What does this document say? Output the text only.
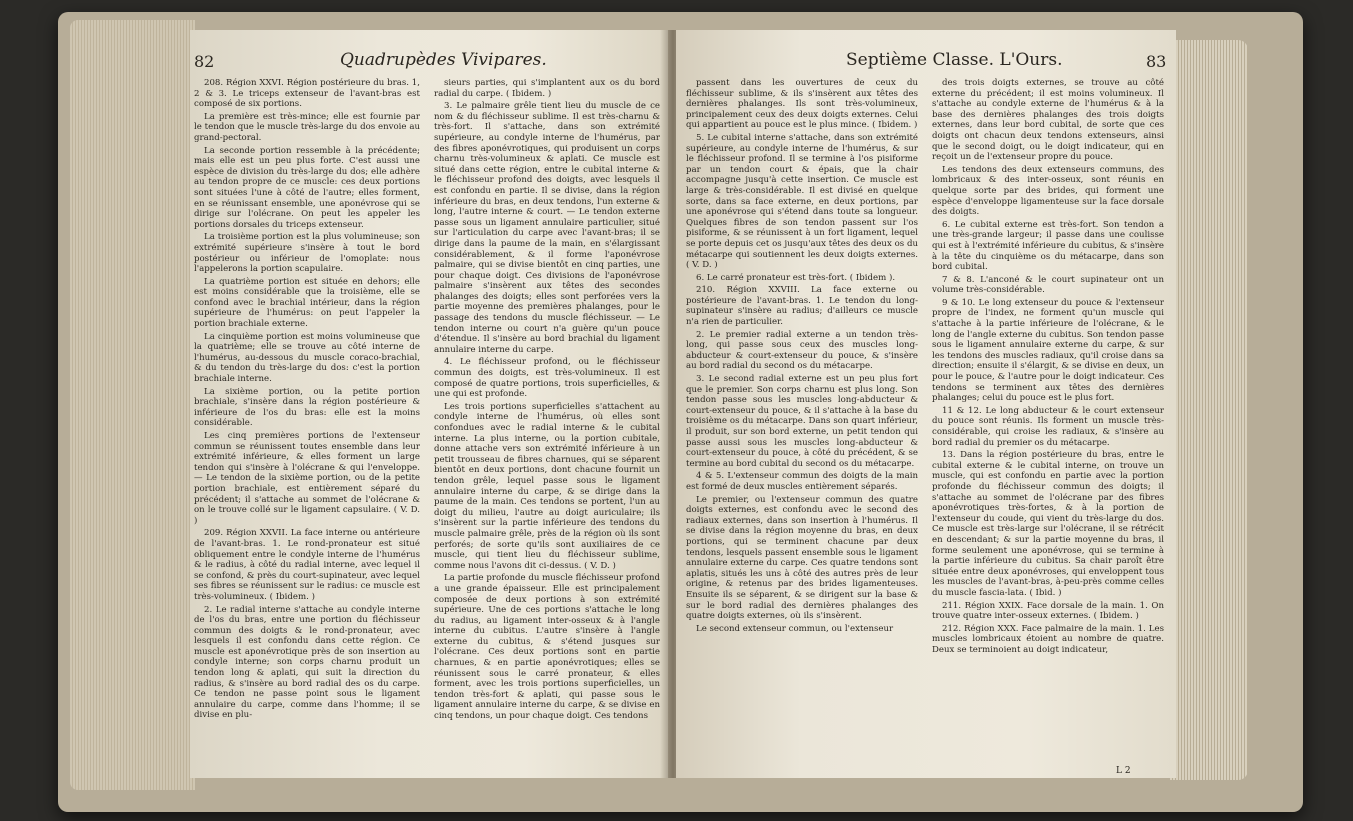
82	Quadrupèdes Vivipares.

208. Région XXVI. Région postérieure du bras. 1, 2 & 3. Le triceps extenseur de l'avant-bras est composé de six portions.

La première est très-mince; elle est fournie par le tendon que le muscle très-large du dos envoie au grand-pectoral.

La seconde portion ressemble à la précédente; mais elle est un peu plus forte. C'est aussi une espèce de division du très-large du dos; elle adhère au tendon propre de ce muscle: ces deux portions sont situées l'une à côté de l'autre; elles forment, en se réunissant ensemble, une aponévrose qui se dirige sur l'olécrane. On peut les appeler les portions dorsales du triceps extenseur.

La troisième portion est la plus volumineuse; son extrémité supérieure s'insère à tout le bord postérieur ou inférieur de l'omoplate: nous l'appelerons la portion scapulaire.

La quatrième portion est située en dehors; elle est moins considérable que la troisième, elle se confond avec le brachial intérieur, dans la région supérieure de l'humérus: on peut l'appeler la portion brachiale externe.

La cinquième portion est moins volumineuse que la quatrième; elle se trouve au côté interne de l'humérus, au-dessous du muscle coraco-brachial, & du tendon du très-large du dos: c'est la portion brachiale interne.

La sixième portion, ou la petite portion brachiale, s'insère dans la région postérieure & inférieure de l'os du bras: elle est la moins considérable.

Les cinq premières portions de l'extenseur commun se réunissent toutes ensemble dans leur extrémité inférieure, & elles forment un large tendon qui s'insère à l'olécrane & qui l'enveloppe. — Le tendon de la sixième portion, ou de la petite portion brachiale, est entièrement séparé du précédent; il s'attache au sommet de l'olécrane & on le trouve collé sur le ligament capsulaire. ( V. D. )

209. Région XXVII. La face interne ou antérieure de l'avant-bras. 1. Le rond-pronateur est situé obliquement entre le condyle interne de l'humérus & le radius, à côté du radial interne, avec lequel il se confond, & près du court-supinateur, avec lequel ses fibres se réunissent sur le radius: ce muscle est très-volumineux. ( Ibidem. )

2. Le radial interne s'attache au condyle interne de l'os du bras, entre une portion du fléchisseur commun des doigts & le rond-pronateur, avec lesquels il est confondu dans cette région. Ce muscle est aponévrotique près de son insertion au condyle interne; son corps charnu produit un tendon long & aplati, qui suit la direction du radius, & s'insère au bord radial des os du carpe. Ce tendon ne passe point sous le ligament annulaire du carpe, comme dans l'homme; il se divise en plu-

sieurs parties, qui s'implantent aux os du bord radial du carpe. ( Ibidem. )

3. Le palmaire grêle tient lieu du muscle de ce nom & du fléchisseur sublime. Il est très-charnu & très-fort. Il s'attache, dans son extrémité supérieure, au condyle interne de l'humérus, par des fibres aponévrotiques, qui produisent un corps charnu très-volumineux & aplati. Ce muscle est situé dans cette région, entre le cubital interne & le fléchisseur profond des doigts, avec lesquels il est confondu en partie. Il se divise, dans la région inférieure du bras, en deux tendons, l'un externe & long, l'autre interne & court. — Le tendon externe passe sous un ligament annulaire particulier, situé sur l'articulation du carpe avec l'avant-bras; il se dirige dans la paume de la main, en s'élargissant considérablement, & il forme l'aponévrose palmaire, qui se divise bientôt en cinq parties, une pour chaque doigt. Ces divisions de l'aponévrose palmaire s'insèrent aux têtes des secondes phalanges des doigts; elles sont perforées vers la partie moyenne des premières phalanges, pour le passage des tendons du muscle fléchisseur. — Le tendon interne ou court n'a guère qu'un pouce d'étendue. Il s'insère au bord brachial du ligament annulaire interne du carpe.

4. Le fléchisseur profond, ou le fléchisseur commun des doigts, est très-volumineux. Il est composé de quatre portions, trois superficielles, & une qui est profonde.

Les trois portions superficielles s'attachent au condyle interne de l'humérus, où elles sont confondues avec le radial interne & le cubital interne. La plus interne, ou la portion cubitale, donne attache vers son extrémité inférieure à un petit trousseau de fibres charnues, qui se séparent bientôt en deux portions, dont chacune fournit un tendon grêle, lequel passe sous le ligament annulaire interne du carpe, & se dirige dans la paume de la main. Ces tendons se portent, l'un au doigt du milieu, l'autre au doigt auriculaire; ils s'insèrent sur la partie inférieure des tendons du muscle palmaire grêle, près de la région où ils sont perforés; de sorte qu'ils sont auxiliaires de ce muscle, qui tient lieu du fléchisseur sublime, comme nous l'avons dit ci-dessus. ( V. D. )

La partie profonde du muscle fléchisseur profond a une grande épaisseur. Elle est principalement composée de deux portions à son extrémité supérieure. Une de ces portions s'attache le long du radius, au ligament inter-osseux & à l'angle interne du cubitus. L'autre s'insère à l'angle externe du cubitus, & s'étend jusques sur l'olécrane. Ces deux portions sont en partie charnues, & en partie aponévrotiques; elles se réunissent sous le carré pronateur, & elles forment, avec les trois portions superficielles, un tendon très-fort & aplati, qui passe sous le ligament annulaire interne du carpe, & se divise en cinq tendons, un pour chaque doigt. Ces tendons

Septième Classe. L'Ours.	83

passent dans les ouvertures de ceux du fléchisseur sublime, & ils s'insèrent aux têtes des dernières phalanges. Ils sont très-volumineux, principalement ceux des deux doigts externes. Celui qui appartient au pouce est le plus mince. ( Ibidem. )

5. Le cubital interne s'attache, dans son extrémité supérieure, au condyle interne de l'humérus, & sur le fléchisseur profond. Il se termine à l'os pisiforme par un tendon court & épais, que la chair accompagne jusqu'à cette insertion. Ce muscle est large & très-considérable. Il est divisé en quelque sorte, dans sa face externe, en deux portions, par une aponévrose qui s'étend dans toute sa longueur. Quelques fibres de son tendon passent sur l'os pisiforme, & se réunissent à un fort ligament, lequel se porte depuis cet os jusqu'aux têtes des deux os du métacarpe qui soutiennent les deux doigts externes. ( V. D. )

6. Le carré pronateur est très-fort. ( Ibidem ).

210. Région XXVIII. La face externe ou postérieure de l'avant-bras. 1. Le tendon du long-supinateur s'insère au radius; d'ailleurs ce muscle n'a rien de particulier.

2. Le premier radial externe a un tendon très-long, qui passe sous ceux des muscles long-abducteur & court-extenseur du pouce, & s'insère au bord radial du second os du métacarpe.

3. Le second radial externe est un peu plus fort que le premier. Son corps charnu est plus long. Son tendon passe sous les muscles long-abducteur & court-extenseur du pouce, & il s'attache à la base du troisième os du métacarpe. Dans son quart inférieur, il produit, sur son bord externe, un petit tendon qui passe aussi sous les muscles long-abducteur & court-extenseur du pouce, à côté du précédent, & se termine au bord cubital du second os du métacarpe.

4 & 5. L'extenseur commun des doigts de la main est formé de deux muscles entièrement séparés.

Le premier, ou l'extenseur commun des quatre doigts externes, est confondu avec le second des radiaux externes, dans son insertion à l'humérus. Il se divise dans la région moyenne du bras, en deux portions, qui se terminent chacune par deux tendons, lesquels passent ensemble sous le ligament annulaire externe du carpe. Ces quatre tendons sont aplatis, situés les uns à côté des autres près de leur origine, & retenus par des brides ligamenteuses. Ensuite ils se séparent, & se dirigent sur la base & sur le bord radial des dernières phalanges des quatre doigts externes, où ils s'insèrent.

Le second extenseur commun, ou l'extenseur

des trois doigts externes, se trouve au côté externe du précédent; il est moins volumineux. Il s'attache au condyle externe de l'humérus & à la base des dernières phalanges des trois doigts externes, dans leur bord cubital, de sorte que ces doigts ont chacun deux tendons extenseurs, ainsi que le second doigt, ou le doigt indicateur, qui en reçoit un de l'extenseur propre du pouce.

Les tendons des deux extenseurs communs, des lombricaux & des inter-osseux, sont réunis en quelque sorte par des brides, qui forment une espèce d'enveloppe ligamenteuse sur la face dorsale des doigts.

6. Le cubital externe est très-fort. Son tendon a une très-grande largeur; il passe dans une coulisse qui est à l'extrémité inférieure du cubitus, & s'insère à la tête du cinquième os du métacarpe, dans son bord cubital.

7 & 8. L'anconé & le court supinateur ont un volume très-considérable.

9 & 10. Le long extenseur du pouce & l'extenseur propre de l'index, ne forment qu'un muscle qui s'attache à la partie inférieure de l'olécrane, & le long de l'angle externe du cubitus. Son tendon passe sous le ligament annulaire externe du carpe, & sur les tendons des muscles radiaux, qu'il croise dans sa direction; ensuite il s'élargit, & se divise en deux, un pour le pouce, & l'autre pour le doigt indicateur. Ces tendons se terminent aux têtes des dernières phalanges; celui du pouce est le plus fort.

11 & 12. Le long abducteur & le court extenseur du pouce sont réunis. Ils forment un muscle très-considérable, qui croise les radiaux, & s'insère au bord radial du premier os du métacarpe.

13. Dans la région postérieure du bras, entre le cubital externe & le cubital interne, on trouve un muscle, qui est confondu en partie avec la portion profonde du fléchisseur commun des doigts; il s'attache au sommet de l'olécrane par des fibres aponévrotiques très-fortes, & à la portion de l'extenseur du coude, qui vient du très-large du dos. Ce muscle est très-large sur l'olécrane, il se rétrécit en descendant; & sur la partie moyenne du bras, il forme seulement une aponévrose, qui se termine à la partie inférieure du cubitus. Sa chair paroît être située entre deux aponévroses, qui enveloppent tous les muscles de l'avant-bras, à-peu-près comme celles du muscle fascia-lata. ( Ibid. )

211. Région XXIX. Face dorsale de la main. 1. On trouve quatre inter-osseux externes. ( Ibidem. )

212. Région XXX. Face palmaire de la main. 1. Les muscles lombricaux étoient au nombre de quatre. Deux se terminoient au doigt indicateur,

L 2
